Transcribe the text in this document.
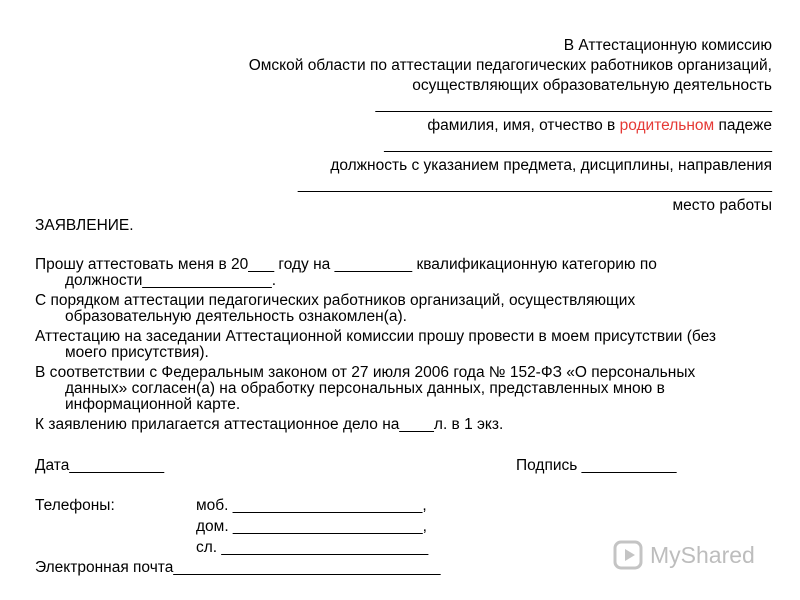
В Аттестационную комиссию
Омской области по аттестации педагогических работников организаций,
осуществляющих образовательную деятельность
______________________________________________
фамилия, имя, отчество в родительном падеже
_____________________________________________
должность с указанием предмета, дисциплины, направления
_______________________________________________________
место работы
ЗАЯВЛЕНИЕ.
Прошу аттестовать меня в 20___ году на _________ квалификационную категорию по
должности_______________.
С порядком аттестации педагогических работников организаций, осуществляющих
образовательную деятельность ознакомлен(а).
Аттестацию на заседании Аттестационной комиссии прошу провести в моем присутствии (без
моего присутствия).
В соответствии с Федеральным законом от 27 июля 2006 года № 152-ФЗ «О персональных
данных» согласен(а) на обработку персональных данных, представленных мною в
информационной карте.
К заявлению прилагается аттестационное дело на____л. в 1 экз.
Дата___________	Подпись ___________
Телефоны:	моб. ______________________,
дом. ______________________,
сл. ________________________
Электронная почта_______________________________	MyShared
